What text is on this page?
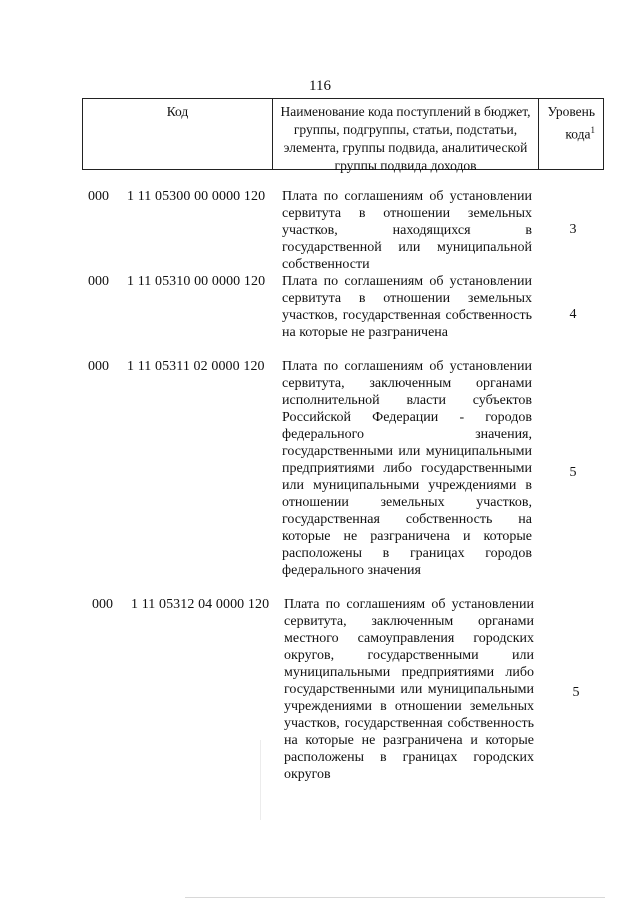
116
Код	Наименование кода поступлений в бюджет, группы, подгруппы, статьи, подстатьи, элемента, группы подвида, аналитической группы подвида доходов
Уровень кода$^1$
000 1 11 05300 00 0000 120 Плата по соглашениям об установлении сервитута в отношении земельных участков, находящихся в государственной или муниципальной собственности
3
000 1 11 05310 00 0000 120 Плата по соглашениям об установлении сервитута в отношении земельных участков, государственная собственность на которые не разграничена
4
000 1 11 05311 02 0000 120 Плата по соглашениям об установлении сервитута, заключенным органами исполнительной власти субъектов Российской Федерации - городов федерального значения, государственными или муниципальными предприятиями либо государственными или муниципальными учреждениями в отношении земельных участков, государственная собственность на которые не разграничена и которые расположены в границах городов федерального значения
5
000 1 11 05312 04 0000 120 Плата по соглашениям об установлении сервитута, заключенным органами местного самоуправления городских округов, государственными или муниципальными предприятиями либо государственными или муниципальными учреждениями в отношении земельных участков, государственная собственность на которые не разграничена и которые расположены в границах городских округов
5
